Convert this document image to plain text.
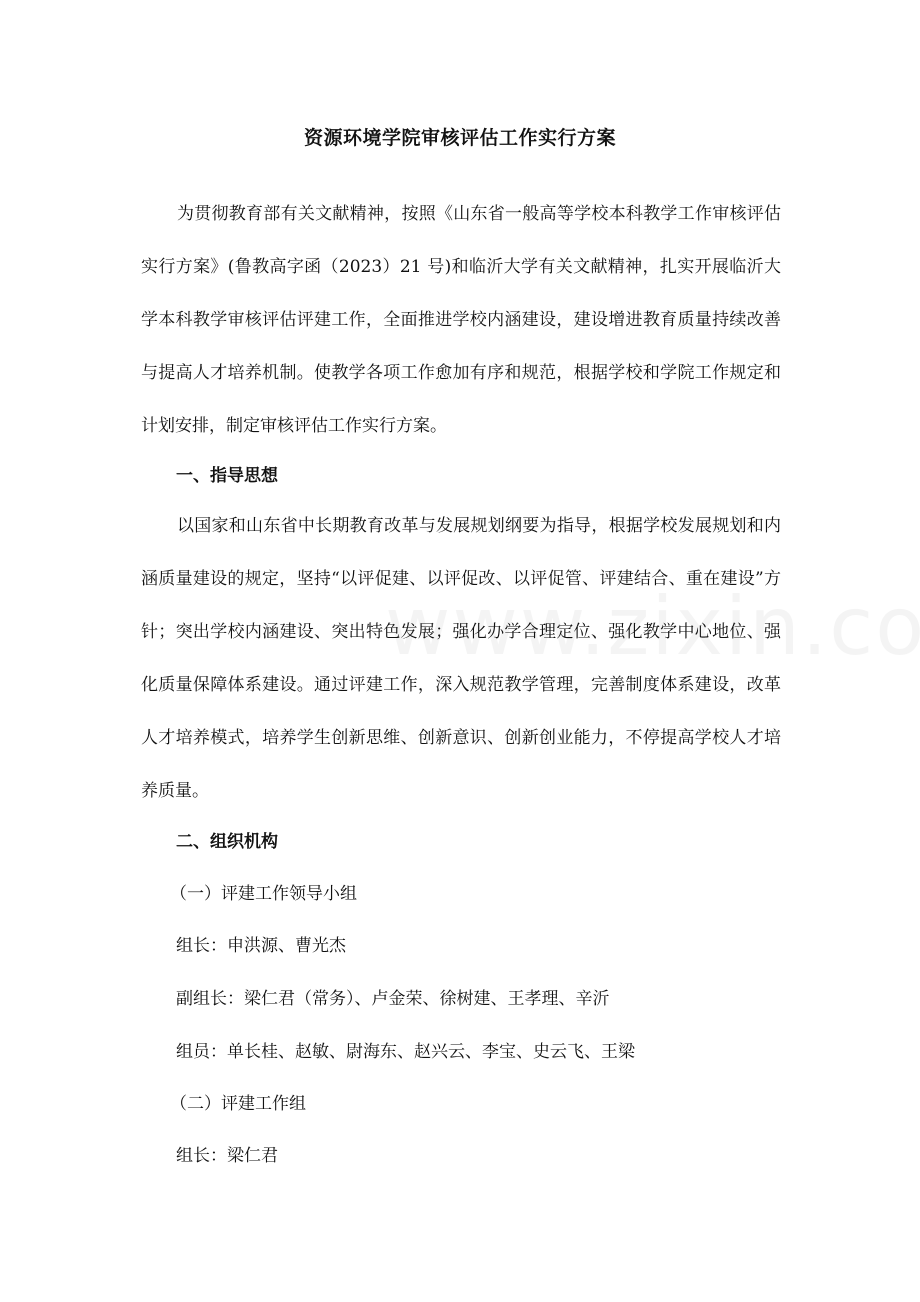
资源环境学院审核评估工作实行方案
为贯彻教育部有关文献精神，按照《山东省一般高等学校本科教学工作审核评估实行方案》(鲁教高字函（2023）21 号)和临沂大学有关文献精神，扎实开展临沂大学本科教学审核评估评建工作，全面推进学校内涵建设，建设增进教育质量持续改善与提高人才培养机制。使教学各项工作愈加有序和规范，根据学校和学院工作规定和计划安排，制定审核评估工作实行方案。
一、指导思想
以国家和山东省中长期教育改革与发展规划纲要为指导，根据学校发展规划和内涵质量建设的规定，坚持“以评促建、以评促改、以评促管、评建结合、重在建设”方针；突出学校内涵建设、突出特色发展；强化办学合理定位、强化教学中心地位、强化质量保障体系建设。通过评建工作，深入规范教学管理，完善制度体系建设，改革人才培养模式，培养学生创新思维、创新意识、创新创业能力，不停提高学校人才培养质量。
二、组织机构
（一）评建工作领导小组
组长：申洪源、曹光杰
副组长：梁仁君（常务）、卢金荣、徐树建、王孝理、辛沂
组员：单长桂、赵敏、尉海东、赵兴云、李宝、史云飞、王梁
（二）评建工作组
组长：梁仁君
